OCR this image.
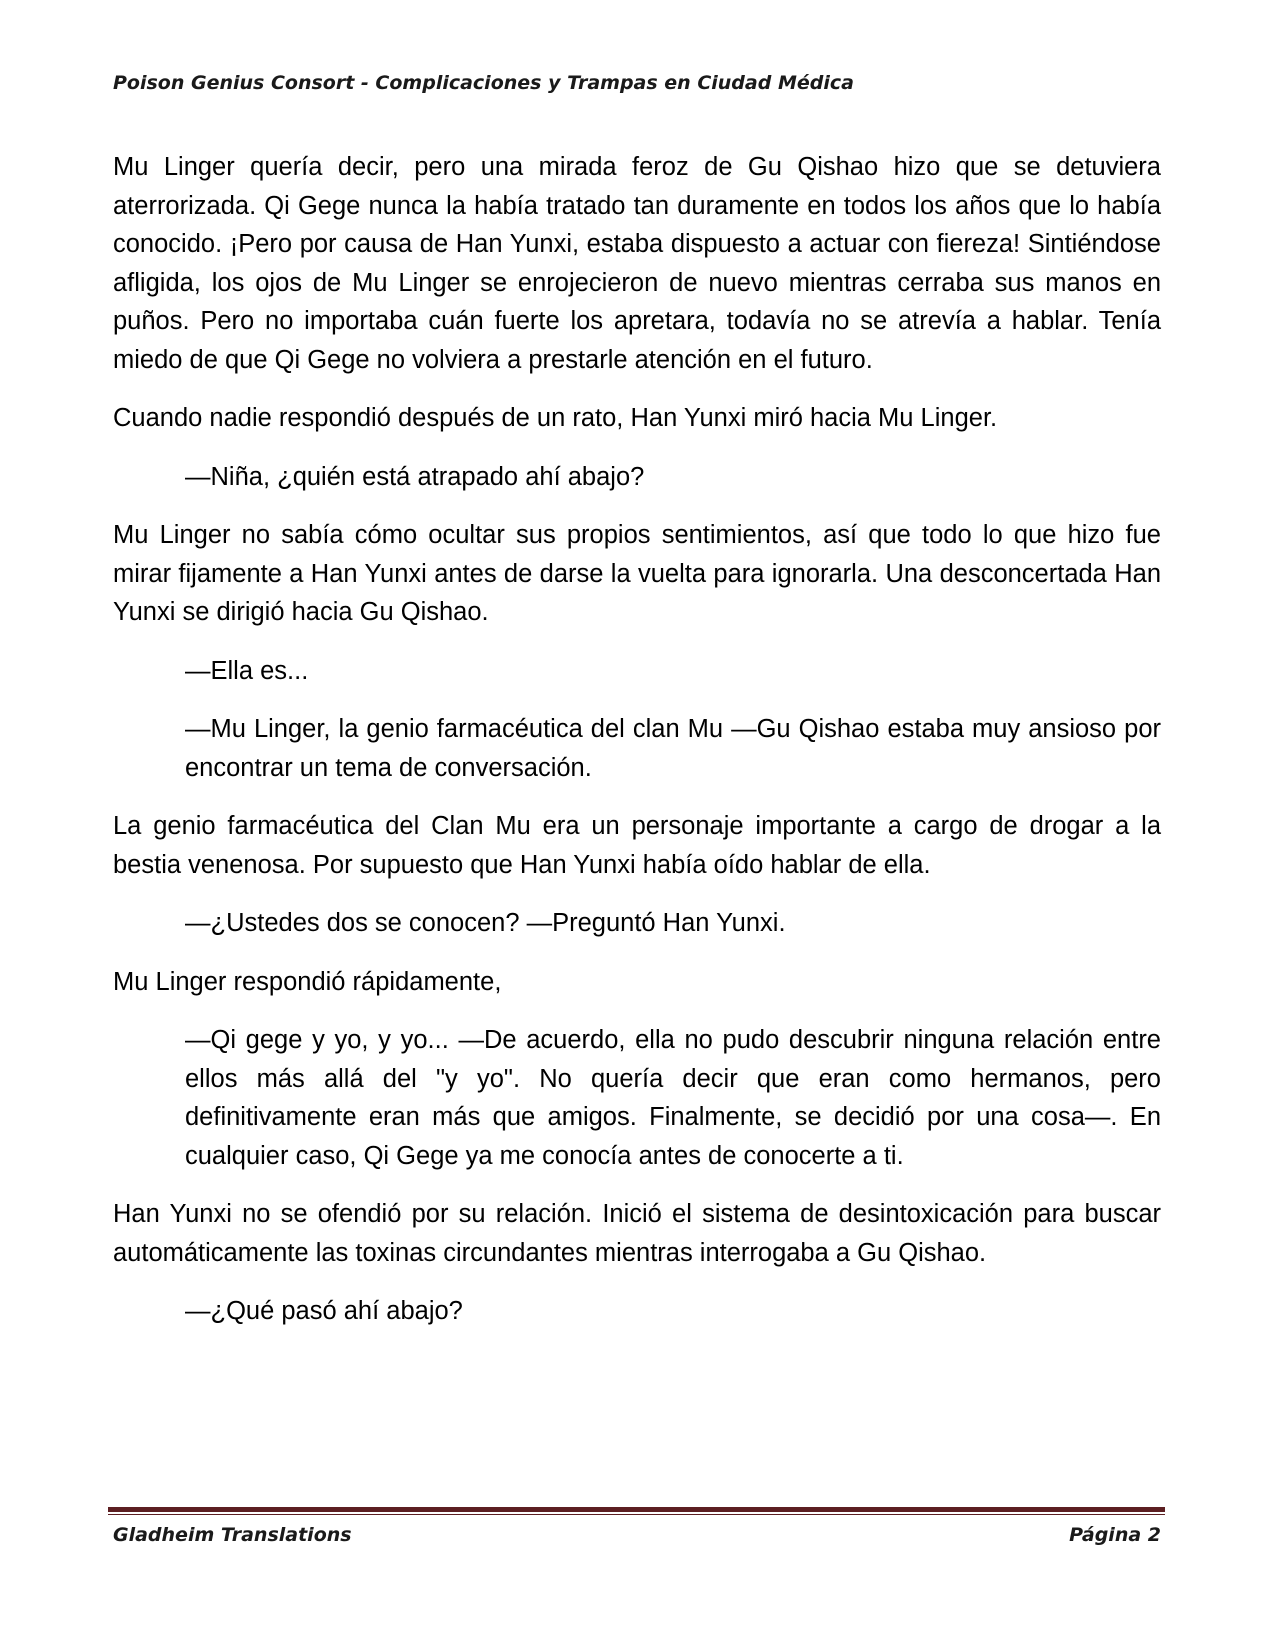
Poison Genius Consort - Complicaciones y Trampas en Ciudad Médica

Mu Linger quería decir, pero una mirada feroz de Gu Qishao hizo que se detuviera aterrorizada. Qi Gege nunca la había tratado tan duramente en todos los años que lo había conocido. ¡Pero por causa de Han Yunxi, estaba dispuesto a actuar con fiereza! Sintiéndose afligida, los ojos de Mu Linger se enrojecieron de nuevo mientras cerraba sus manos en puños. Pero no importaba cuán fuerte los apretara, todavía no se atrevía a hablar. Tenía miedo de que Qi Gege no volviera a prestarle atención en el futuro.

Cuando nadie respondió después de un rato, Han Yunxi miró hacia Mu Linger.

—Niña, ¿quién está atrapado ahí abajo?

Mu Linger no sabía cómo ocultar sus propios sentimientos, así que todo lo que hizo fue mirar fijamente a Han Yunxi antes de darse la vuelta para ignorarla. Una desconcertada Han Yunxi se dirigió hacia Gu Qishao.

—Ella es...

—Mu Linger, la genio farmacéutica del clan Mu —Gu Qishao estaba muy ansioso por encontrar un tema de conversación.

La genio farmacéutica del Clan Mu era un personaje importante a cargo de drogar a la bestia venenosa. Por supuesto que Han Yunxi había oído hablar de ella.

—¿Ustedes dos se conocen? —Preguntó Han Yunxi.

Mu Linger respondió rápidamente,

—Qi gege y yo, y yo... —De acuerdo, ella no pudo descubrir ninguna relación entre ellos más allá del "y yo". No quería decir que eran como hermanos, pero definitivamente eran más que amigos. Finalmente, se decidió por una cosa—. En cualquier caso, Qi Gege ya me conocía antes de conocerte a ti.

Han Yunxi no se ofendió por su relación. Inició el sistema de desintoxicación para buscar automáticamente las toxinas circundantes mientras interrogaba a Gu Qishao.

—¿Qué pasó ahí abajo?

Gladheim Translations	Página 2
